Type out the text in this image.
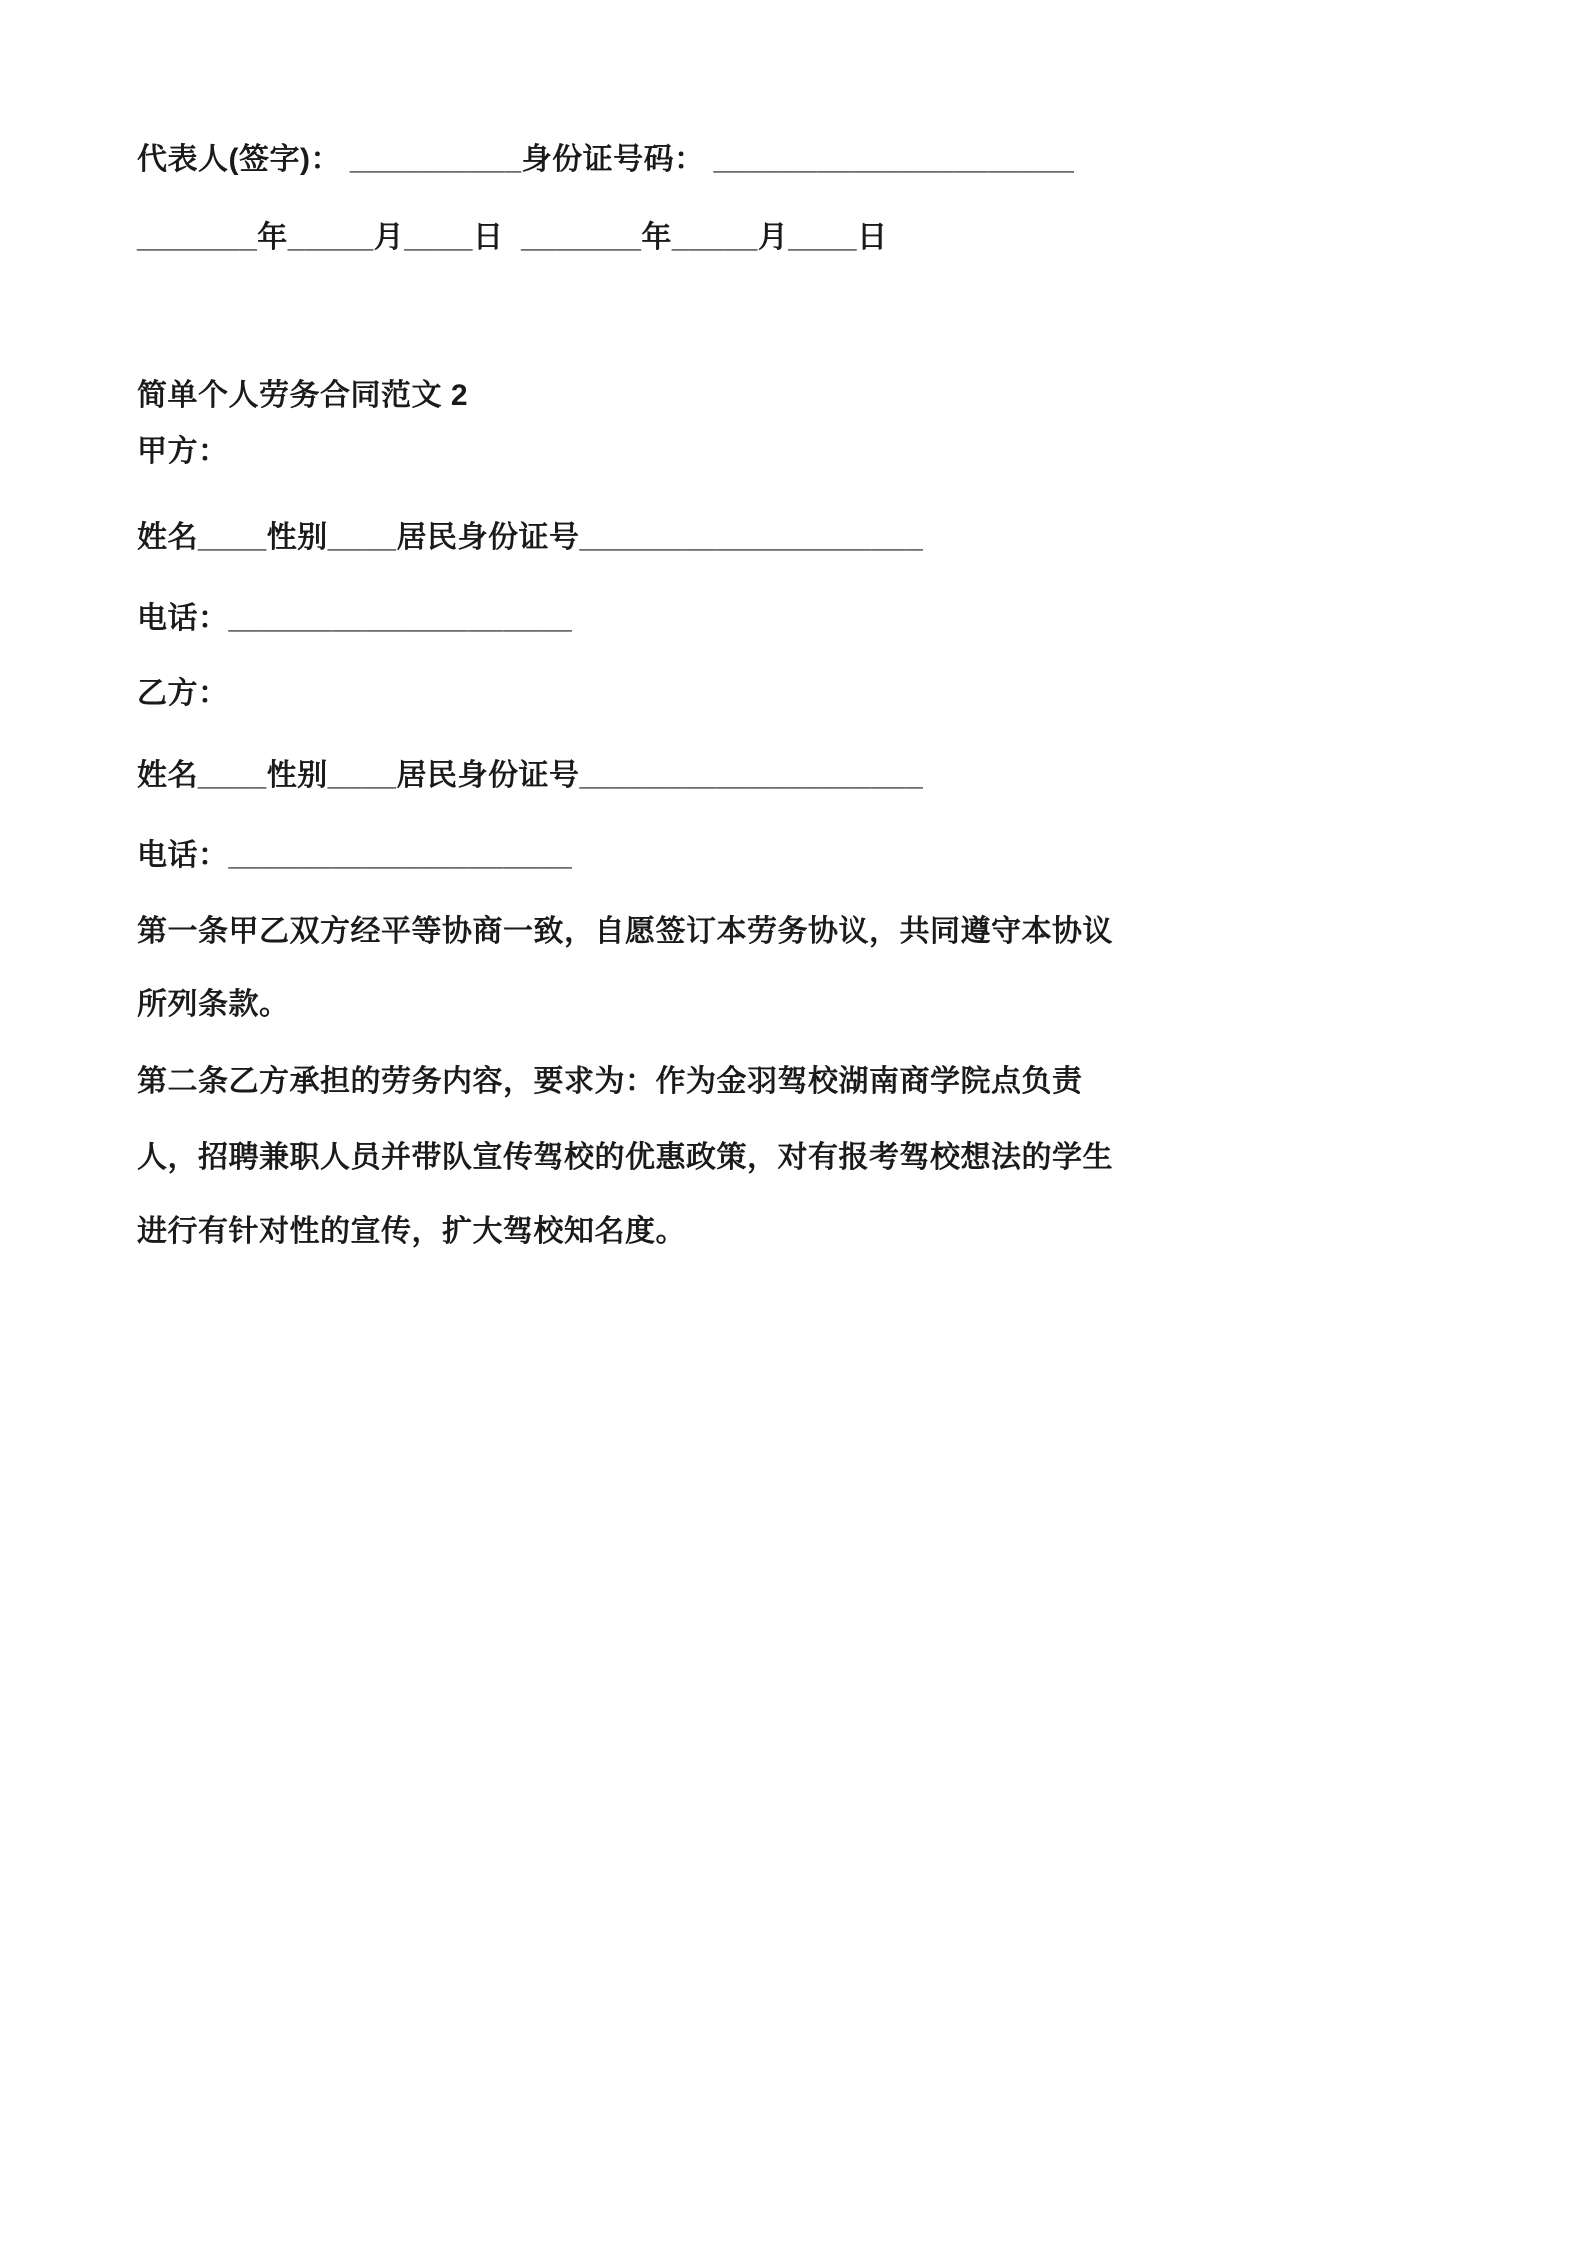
代表人(签字)： __________身份证号码： _____________________
_______年_____月____日  _______年_____月____日
简单个人劳务合同范文 2
甲方：
姓名____性别____居民身份证号____________________
电话：____________________
乙方：
姓名____性别____居民身份证号____________________
电话：____________________
第一条甲乙双方经平等协商一致，自愿签订本劳务协议，共同遵守本协议
所列条款。
第二条乙方承担的劳务内容，要求为：作为金羽驾校湖南商学院点负责
人，招聘兼职人员并带队宣传驾校的优惠政策，对有报考驾校想法的学生
进行有针对性的宣传，扩大驾校知名度。
